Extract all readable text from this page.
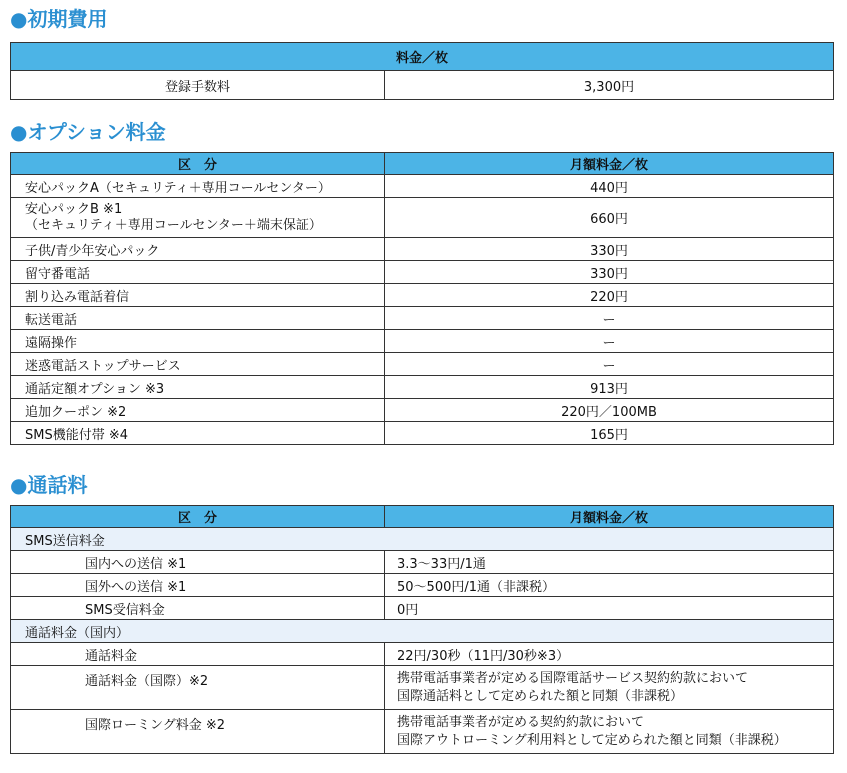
●初期費用
料金／枚
登録手数料	3,300円
●オプション料金
区　分	月額料金／枚
安心パックA（セキュリティ＋専用コールセンター）	440円

安心パックB ※1
（セキュリティ＋専用コールセンター＋端末保証）	660円
子供/青少年安心パック	330円
留守番電話	330円
割り込み電話着信	220円
転送電話	ー
遠隔操作	ー
迷惑電話ストップサービス	ー
通話定額オプション ※3	913円
追加クーポン ※2	220円／100MB
SMS機能付帯 ※4	165円
●通話料
区　分	月額料金／枚
SMS送信料金	
国内への送信 ※1	3.3〜33円/1通
国外への送信 ※1	50〜500円/1通（非課税）
SMS受信料金	0円
通話料金（国内）	
通話料金	22円/30秒（11円/30秒※3）
通話料金（国際）※2	携帯電話事業者が定める国際電話サービス契約約款において
国際通話料として定められた額と同類（非課税）

国際ローミング料金 ※2	携帯電話事業者が定める契約約款において
国際アウトローミング利用料として定められた額と同類（非課税）
